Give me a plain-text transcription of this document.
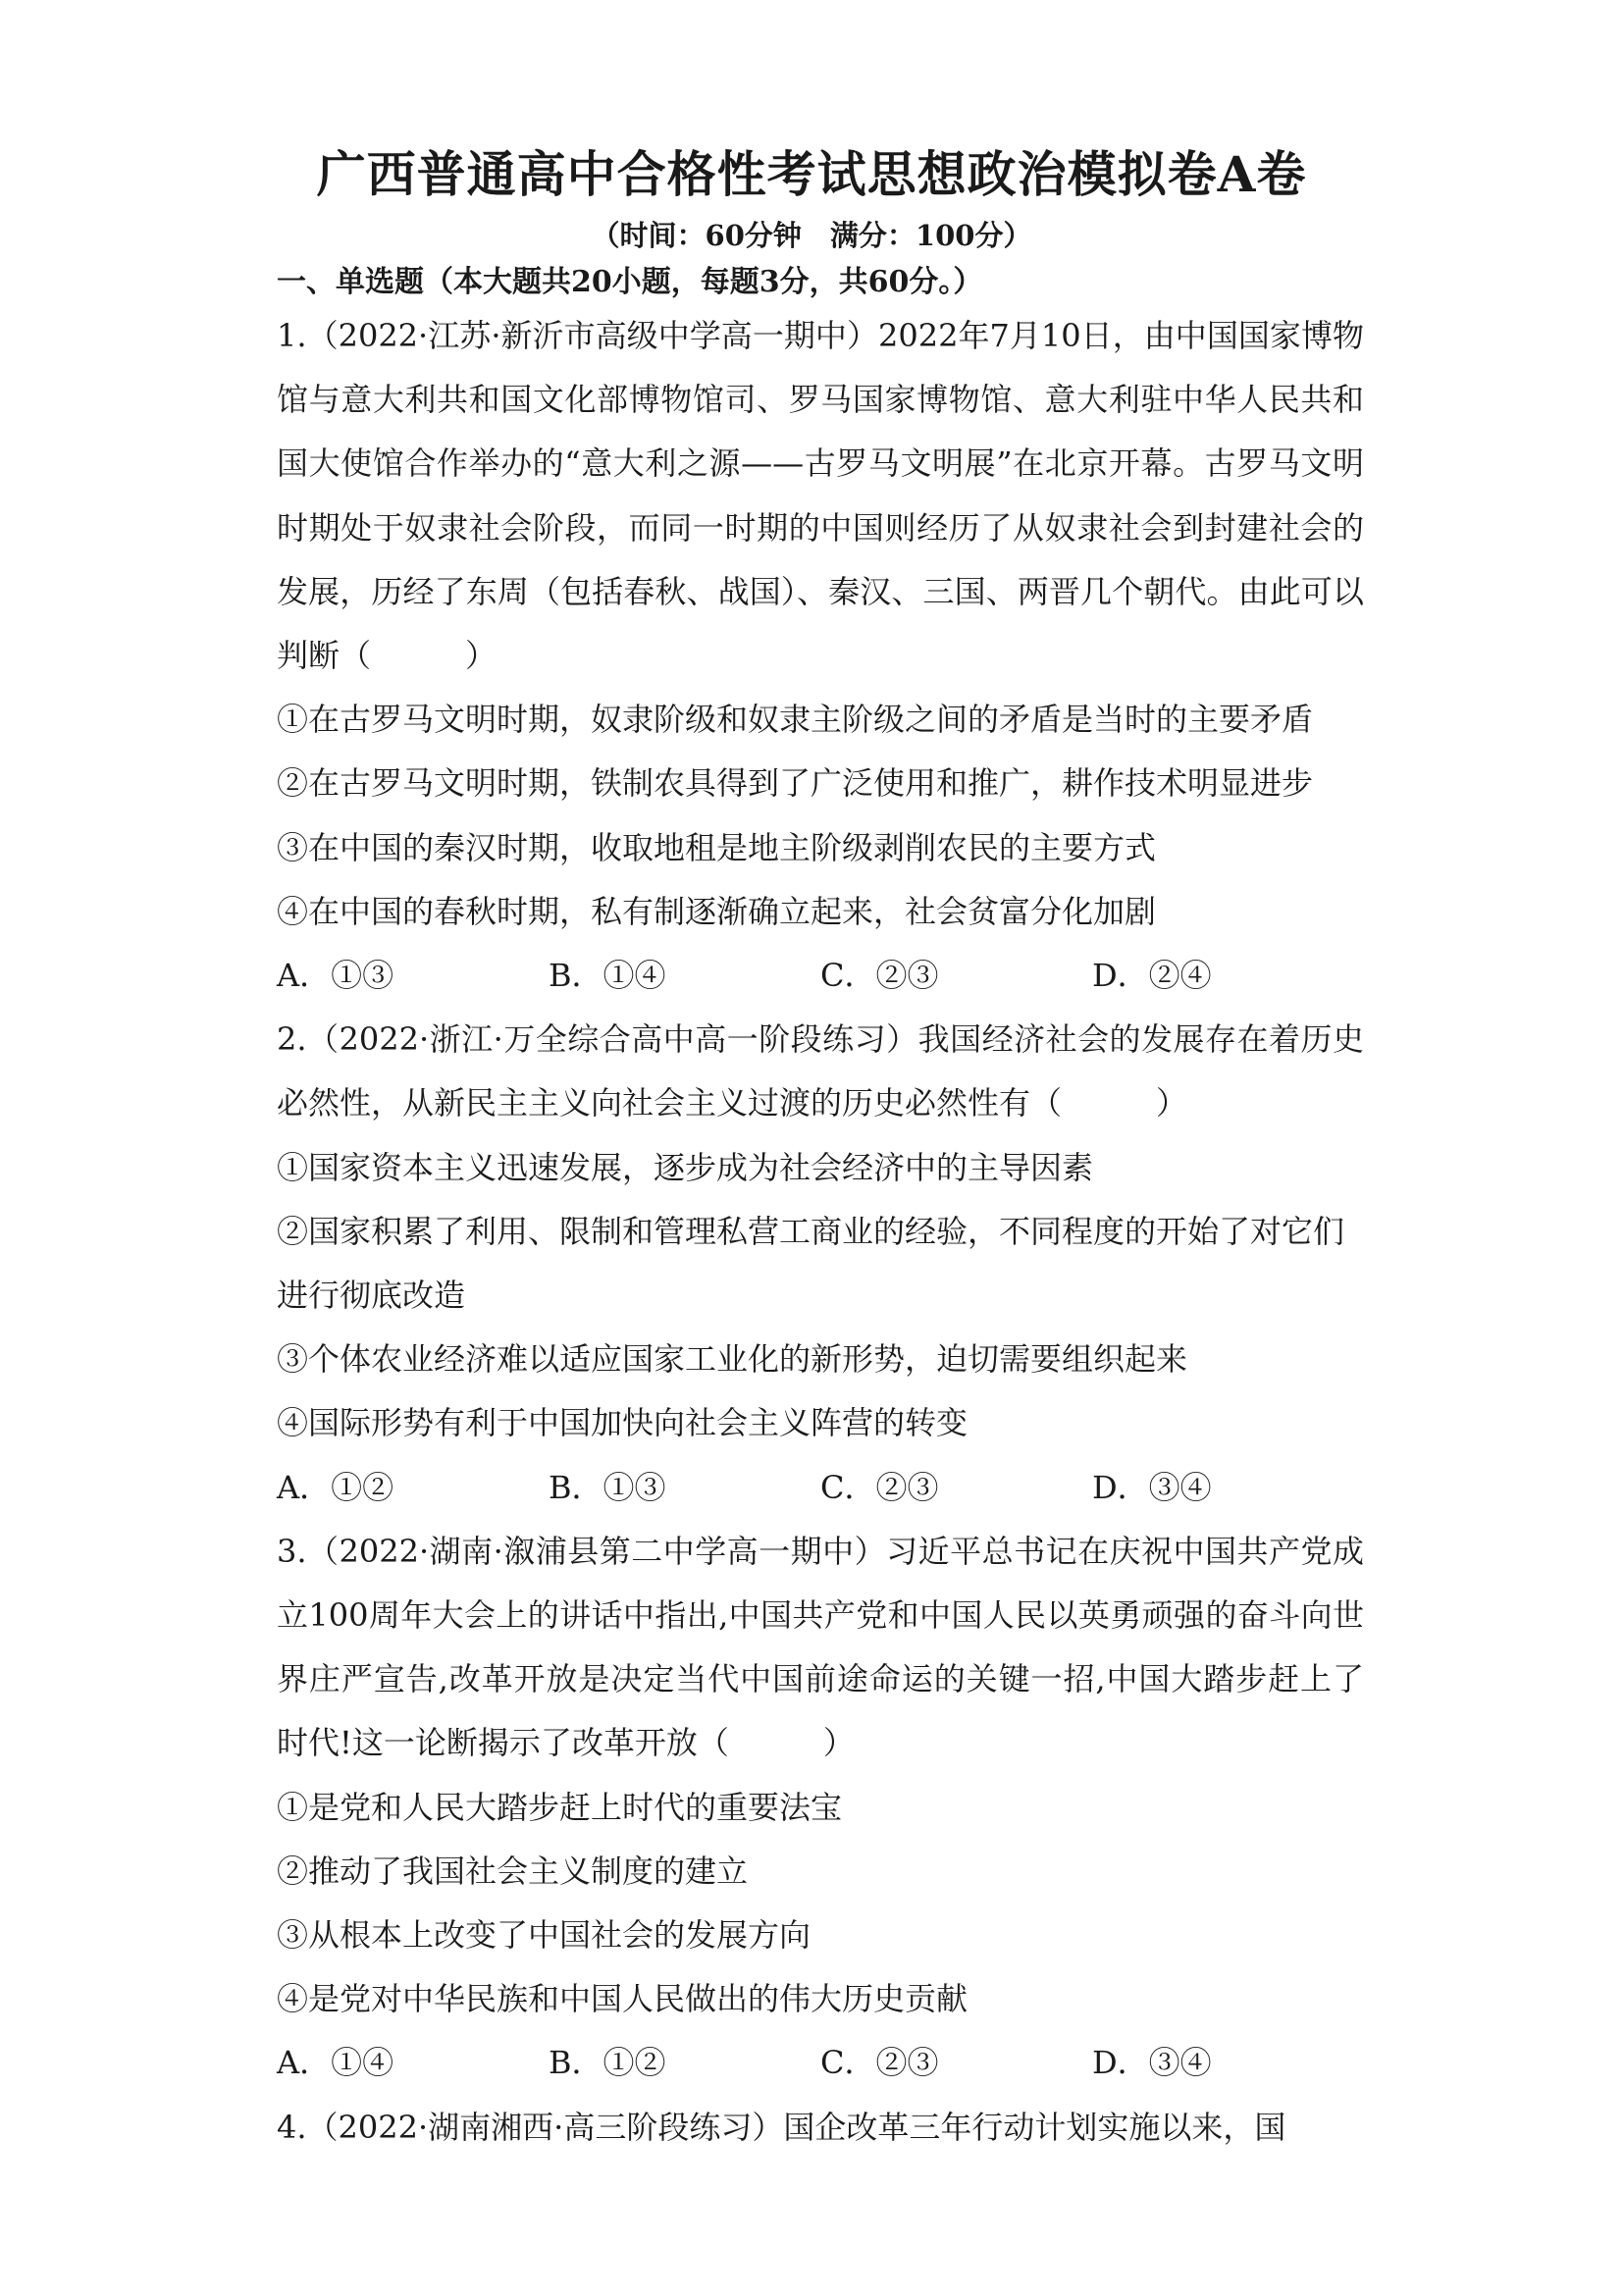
广西普通高中合格性考试思想政治模拟卷A卷

（时间：60分钟　满分：100分）

一、单选题（本大题共20小题，每题3分，共60分。）

1.（2022·江苏·新沂市高级中学高一期中）2022年7月10日，由中国国家博物馆与意大利共和国文化部博物馆司、罗马国家博物馆、意大利驻中华人民共和国大使馆合作举办的“意大利之源——古罗马文明展”在北京开幕。古罗马文明时期处于奴隶社会阶段，而同一时期的中国则经历了从奴隶社会到封建社会的发展，历经了东周（包括春秋、战国）、秦汉、三国、两晋几个朝代。由此可以判断（	）

①在古罗马文明时期，奴隶阶级和奴隶主阶级之间的矛盾是当时的主要矛盾

②在古罗马文明时期，铁制农具得到了广泛使用和推广，耕作技术明显进步

③在中国的秦汉时期，收取地租是地主阶级剥削农民的主要方式

④在中国的春秋时期，私有制逐渐确立起来，社会贫富分化加剧

A．①③	B．①④	C．②③	D．②④

2.（2022·浙江·万全综合高中高一阶段练习）我国经济社会的发展存在着历史必然性，从新民主主义向社会主义过渡的历史必然性有（	）

①国家资本主义迅速发展，逐步成为社会经济中的主导因素

②国家积累了利用、限制和管理私营工商业的经验，不同程度的开始了对它们进行彻底改造

③个体农业经济难以适应国家工业化的新形势，迫切需要组织起来

④国际形势有利于中国加快向社会主义阵营的转变

A．①②	B．①③	C．②③	D．③④

3.（2022·湖南·溆浦县第二中学高一期中）习近平总书记在庆祝中国共产党成立100周年大会上的讲话中指出,中国共产党和中国人民以英勇顽强的奋斗向世界庄严宣告,改革开放是决定当代中国前途命运的关键一招,中国大踏步赶上了时代!这一论断揭示了改革开放（	）

①是党和人民大踏步赶上时代的重要法宝

②推动了我国社会主义制度的建立

③从根本上改变了中国社会的发展方向

④是党对中华民族和中国人民做出的伟大历史贡献

A．①④	B．①②	C．②③	D．③④

4.（2022·湖南湘西·高三阶段练习）国企改革三年行动计划实施以来，国
